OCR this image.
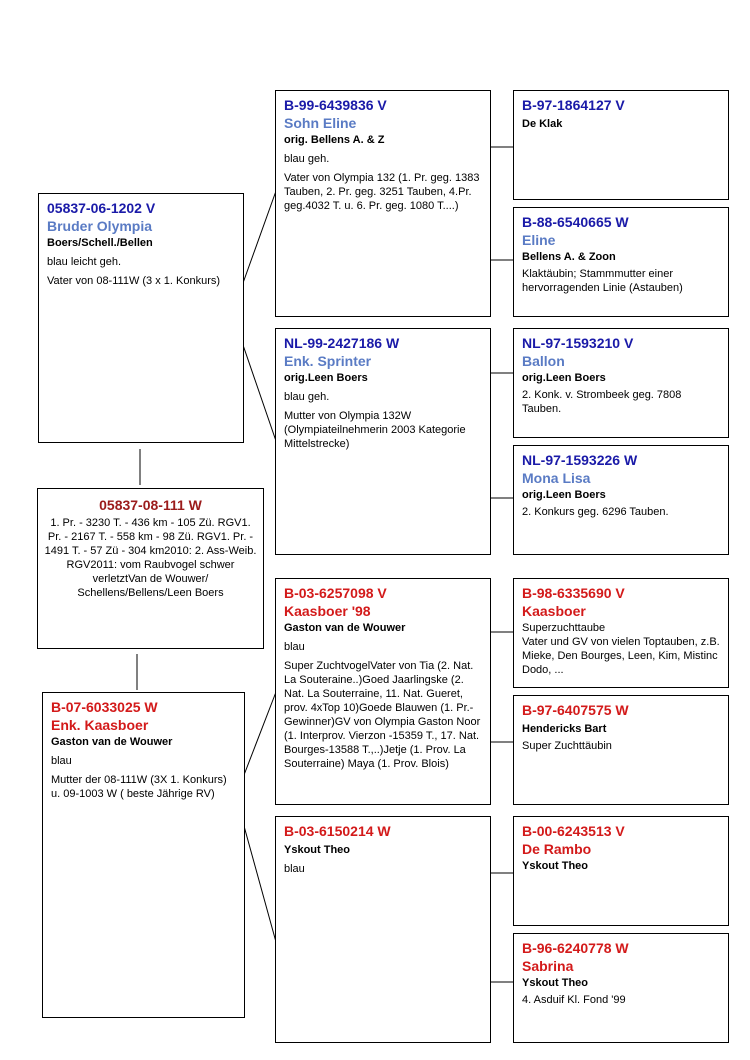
05837-06-1202 V
Bruder Olympia
Boers/Schell./Bellen
blau leicht geh.
Vater von 08-111W (3 x 1. Konkurs)
05837-08-111 W
1. Pr. - 3230 T. - 436 km - 105 Zü. RGV1. Pr. - 2167 T. - 558 km - 98 Zü. RGV1. Pr. - 1491 T. - 57 Zü - 304 km2010: 2. Ass-Weib. RGV2011: vom Raubvogel schwer verletztVan de Wouwer/ Schellens/Bellens/Leen Boers
B-07-6033025 W
Enk. Kaasboer
Gaston van de Wouwer
blau
Mutter der 08-111W (3X 1. Konkurs) u. 09-1003 W ( beste Jährige RV)
B-99-6439836 V
Sohn Eline
orig. Bellens A. & Z
blau geh.
Vater von Olympia 132 (1. Pr. geg. 1383 Tauben, 2. Pr. geg. 3251 Tauben, 4.Pr. geg.4032 T. u. 6. Pr. geg. 1080 T....)
NL-99-2427186 W
Enk. Sprinter
orig.Leen Boers
blau geh.
Mutter von Olympia 132W (Olympiateilnehmerin 2003 Kategorie Mittelstrecke)
B-03-6257098 V
Kaasboer '98
Gaston van de Wouwer
blau
Super ZuchtvogelVater von Tia (2. Nat. La Souteraine..)Goed Jaarlingske (2. Nat. La Souterraine, 11. Nat. Gueret, prov. 4xTop 10)Goede Blauwen (1. Pr.-Gewinner)GV von Olympia Gaston Noor (1. Interprov. Vierzon -15359 T., 17. Nat. Bourges-13588 T.,..)Jetje (1. Prov. La Souterraine) Maya (1. Prov. Blois)
B-03-6150214 W
Yskout Theo
blau
B-97-1864127 V
De Klak
B-88-6540665 W
Eline
Bellens A. & Zoon
Klaktäubin; Stammmutter einer hervorragenden Linie (Astauben)
NL-97-1593210 V
Ballon
orig.Leen Boers
2. Konk. v. Strombeek geg. 7808 Tauben.
NL-97-1593226 W
Mona Lisa
orig.Leen Boers
2. Konkurs geg. 6296 Tauben.
B-98-6335690 V
Kaasboer
Superzuchttaube
Vater und GV von vielen Toptauben, z.B.
Mieke, Den Bourges, Leen, Kim, Mistinc Dodo, ...
B-97-6407575 W
Hendericks Bart
Super Zuchttäubin
B-00-6243513 V
De Rambo
Yskout Theo
B-96-6240778 W
Sabrina
Yskout Theo
4. Asduif Kl. Fond '99
